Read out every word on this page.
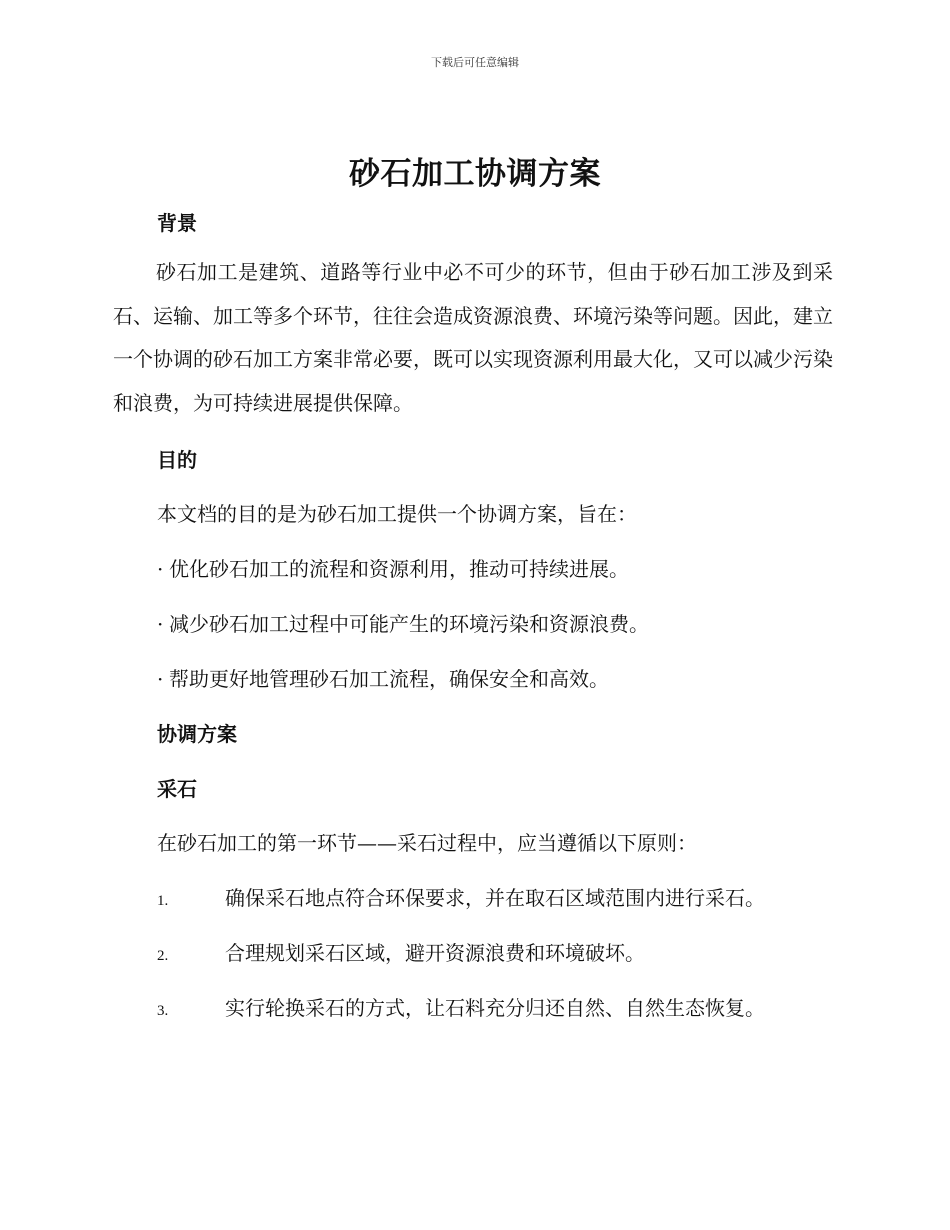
下载后可任意编辑
砂石加工协调方案
背景
砂石加工是建筑、道路等行业中必不可少的环节，但由于砂石加工涉及到采石、运输、加工等多个环节，往往会造成资源浪费、环境污染等问题。因此，建立一个协调的砂石加工方案非常必要，既可以实现资源利用最大化，又可以减少污染和浪费，为可持续进展提供保障。
目的
本文档的目的是为砂石加工提供一个协调方案，旨在：
· 优化砂石加工的流程和资源利用，推动可持续进展。
· 减少砂石加工过程中可能产生的环境污染和资源浪费。
· 帮助更好地管理砂石加工流程，确保安全和高效。
协调方案
采石
在砂石加工的第一环节——采石过程中，应当遵循以下原则：
1.	确保采石地点符合环保要求，并在取石区域范围内进行采石。
2.	合理规划采石区域，避开资源浪费和环境破坏。
3.	实行轮换采石的方式，让石料充分归还自然、自然生态恢复。
